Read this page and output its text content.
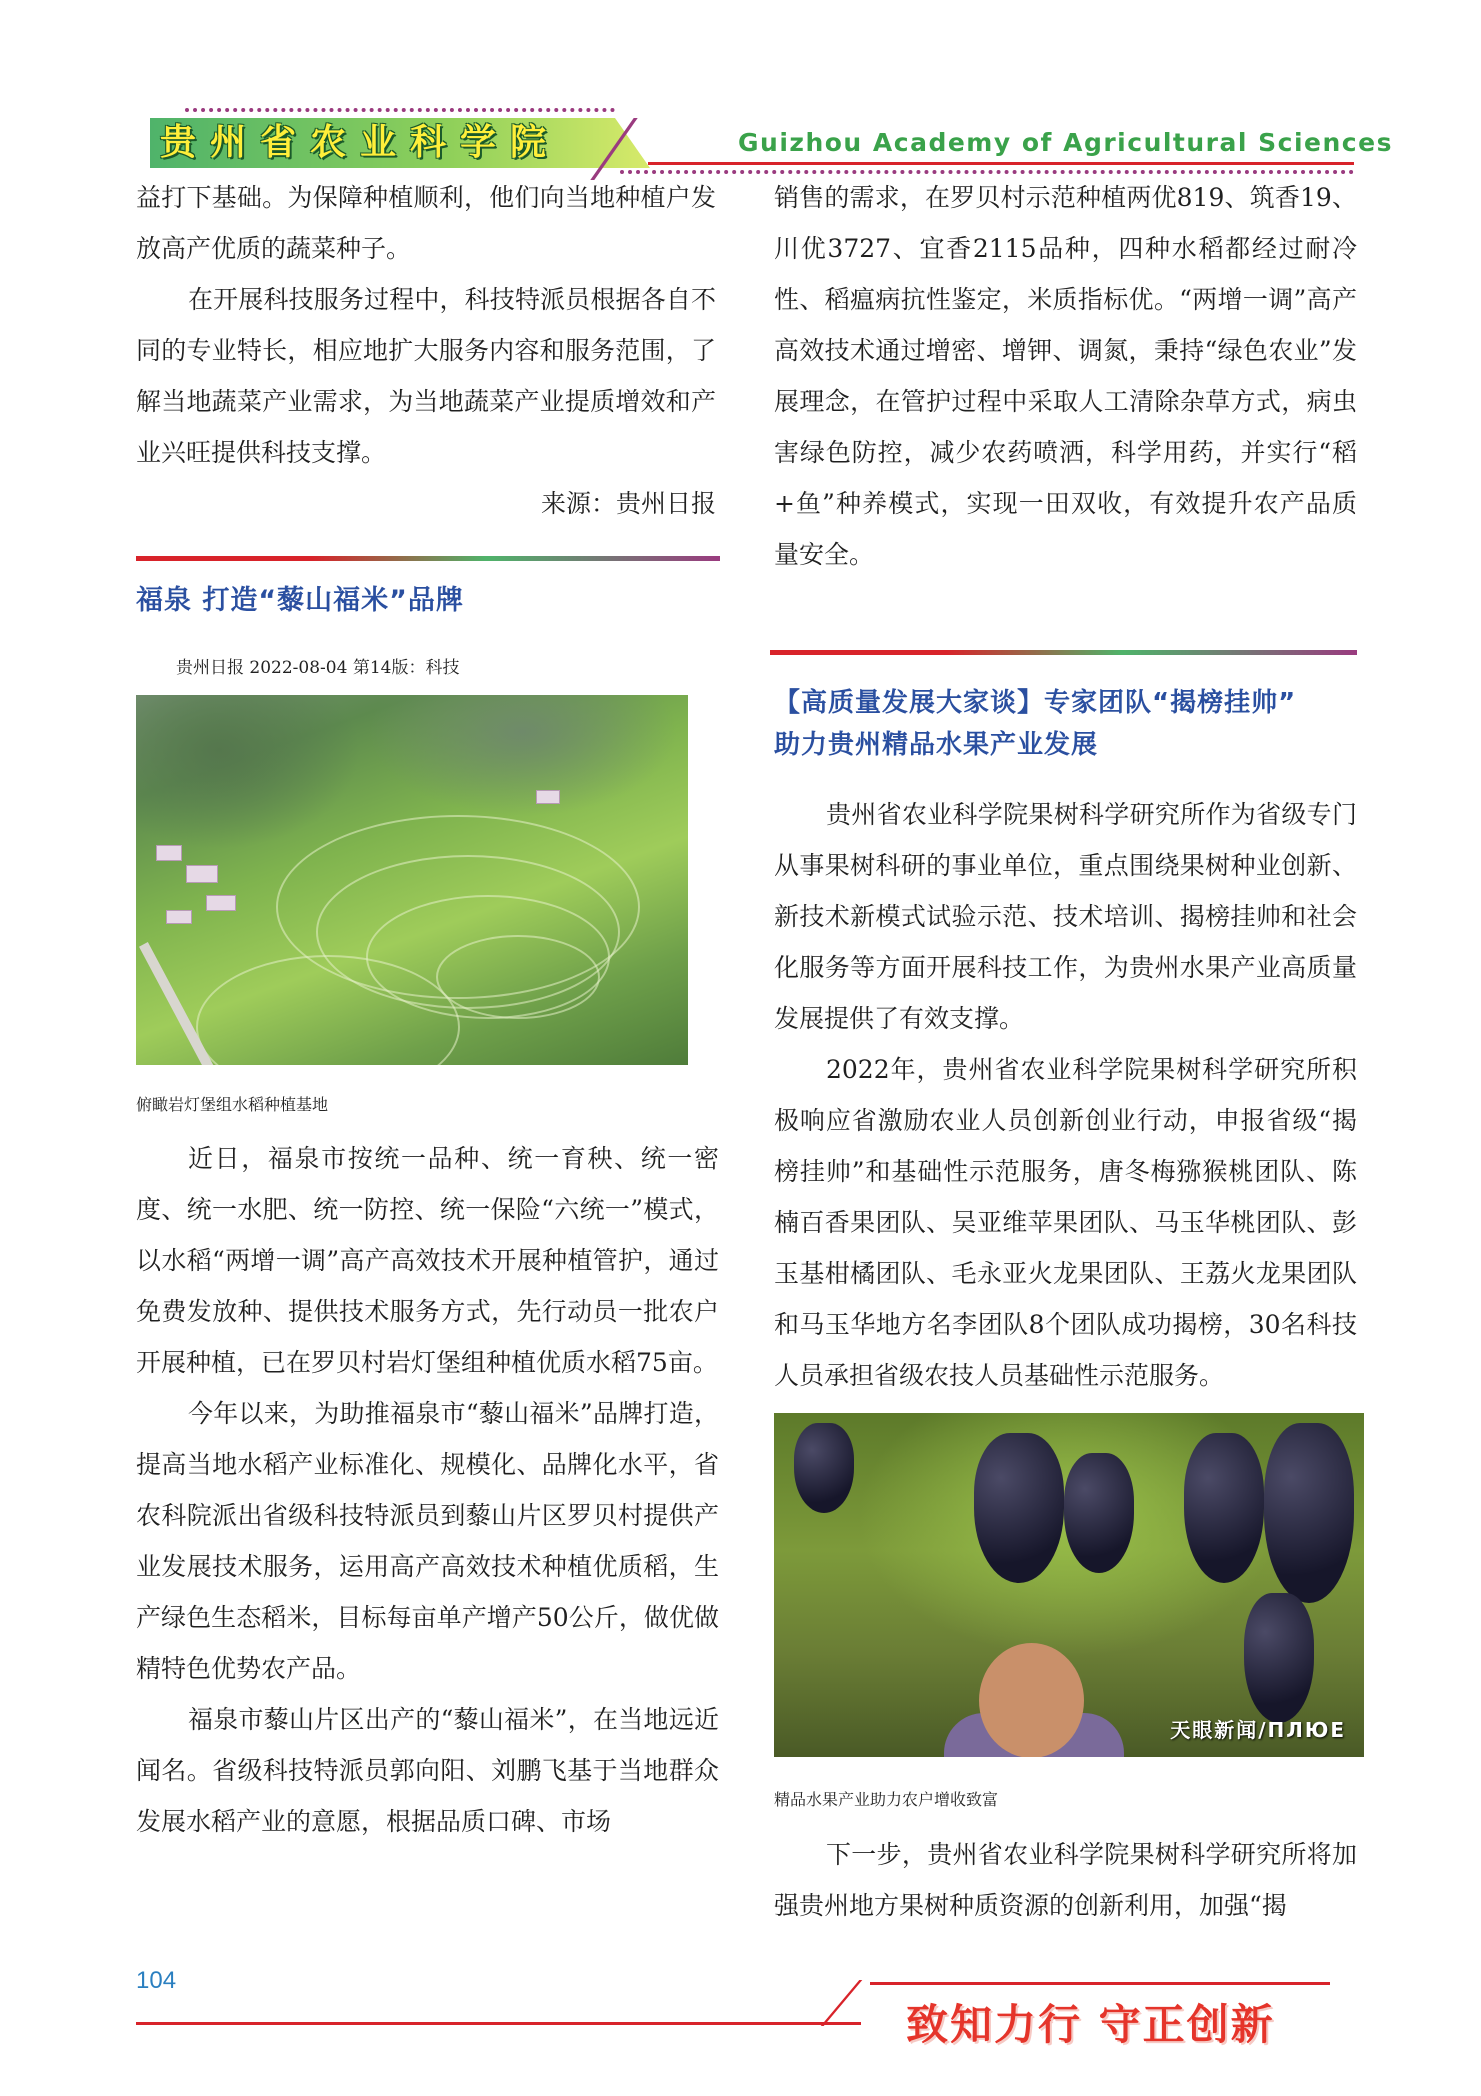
贵州省农业科学院	Guizhou Academy of Agricultural Sciences

益打下基础。为保障种植顺利，他们向当地种植户发放高产优质的蔬菜种子。

在开展科技服务过程中，科技特派员根据各自不同的专业特长，相应地扩大服务内容和服务范围，了解当地蔬菜产业需求，为当地蔬菜产业提质增效和产业兴旺提供科技支撑。

来源：贵州日报

福泉 打造“藜山福米”品牌
贵州日报 2022-08-04 第14版：科技
俯瞰岩灯堡组水稻种植基地

近日，福泉市按统一品种、统一育秧、统一密度、统一水肥、统一防控、统一保险“六统一”模式，以水稻“两增一调”高产高效技术开展种植管护，通过免费发放种、提供技术服务方式，先行动员一批农户开展种植，已在罗贝村岩灯堡组种植优质水稻75亩。

今年以来，为助推福泉市“藜山福米”品牌打造，提高当地水稻产业标准化、规模化、品牌化水平，省农科院派出省级科技特派员到藜山片区罗贝村提供产业发展技术服务，运用高产高效技术种植优质稻，生产绿色生态稻米，目标每亩单产增产50公斤，做优做精特色优势农产品。

福泉市藜山片区出产的“藜山福米”，在当地远近闻名。省级科技特派员郭向阳、刘鹏飞基于当地群众发展水稻产业的意愿，根据品质口碑、市场

销售的需求，在罗贝村示范种植两优819、筑香19、川优3727、宜香2115品种，四种水稻都经过耐冷性、稻瘟病抗性鉴定，米质指标优。“两增一调”高产高效技术通过增密、增钾、调氮，秉持“绿色农业”发展理念，在管护过程中采取人工清除杂草方式，病虫害绿色防控，减少农药喷洒，科学用药，并实行“稻+鱼”种养模式，实现一田双收，有效提升农产品质量安全。

【高质量发展大家谈】专家团队“揭榜挂帅”
助力贵州精品水果产业发展

贵州省农业科学院果树科学研究所作为省级专门从事果树科研的事业单位，重点围绕果树种业创新、新技术新模式试验示范、技术培训、揭榜挂帅和社会化服务等方面开展科技工作，为贵州水果产业高质量发展提供了有效支撑。

2022年，贵州省农业科学院果树科学研究所积极响应省激励农业人员创新创业行动，申报省级“揭榜挂帅”和基础性示范服务，唐冬梅猕猴桃团队、陈楠百香果团队、吴亚维苹果团队、马玉华桃团队、彭玉基柑橘团队、毛永亚火龙果团队、王荔火龙果团队和马玉华地方名李团队8个团队成功揭榜，30名科技人员承担省级农技人员基础性示范服务。

天眼新闻/ПЛЮЕ
精品水果产业助力农户增收致富

下一步，贵州省农业科学院果树科学研究所将加强贵州地方果树种质资源的创新利用，加强“揭

104
致知力行 守正创新
